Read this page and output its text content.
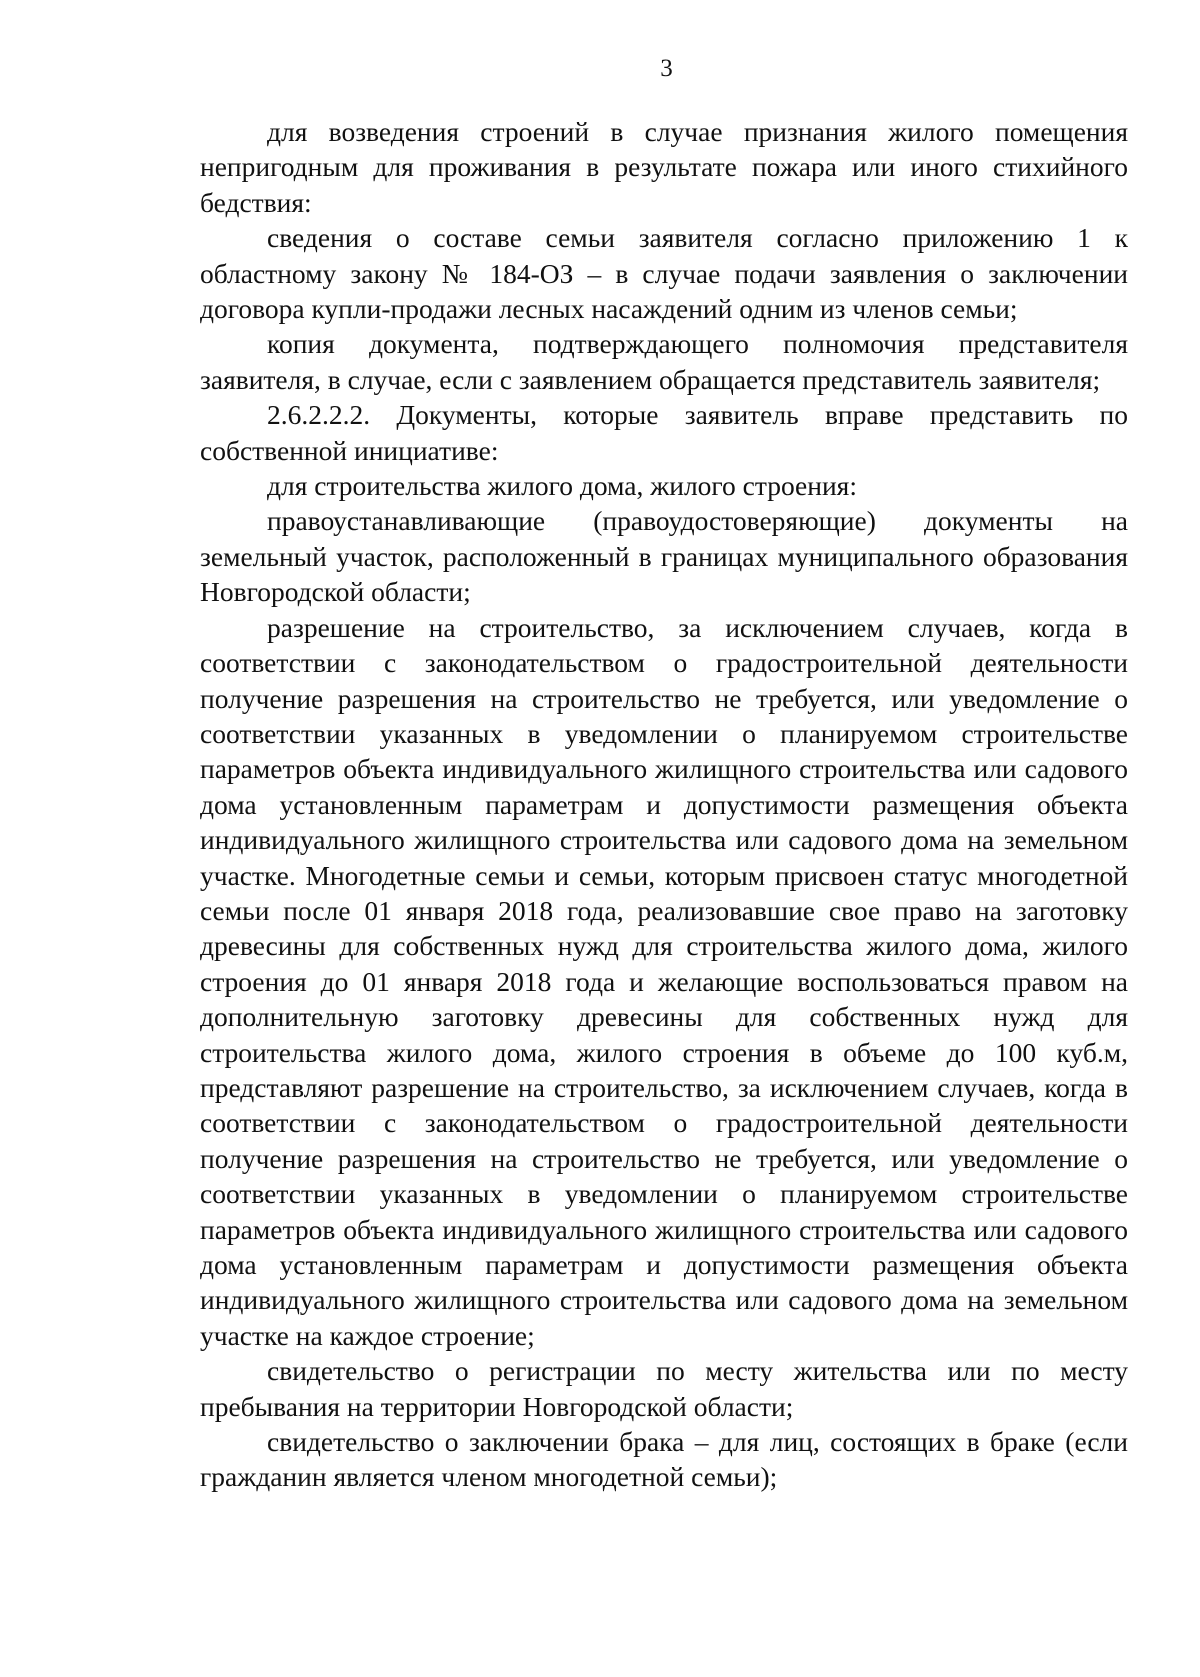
3

для возведения строений в случае признания жилого помещения непригодным для проживания в результате пожара или иного стихийного бедствия:

сведения о составе семьи заявителя согласно приложению 1 к областному закону № 184-ОЗ – в случае подачи заявления о заключении договора купли-продажи лесных насаждений одним из членов семьи;

копия документа, подтверждающего полномочия представителя заявителя, в случае, если с заявлением обращается представитель заявителя;

2.6.2.2.2. Документы, которые заявитель вправе представить по собственной инициативе:

для строительства жилого дома, жилого строения:

правоустанавливающие (правоудостоверяющие) документы на земельный участок, расположенный в границах муниципального образования Новгородской области;

разрешение на строительство, за исключением случаев, когда в соответствии с законодательством о градостроительной деятельности получение разрешения на строительство не требуется, или уведомление о соответствии указанных в уведомлении о планируемом строительстве параметров объекта индивидуального жилищного строительства или садового дома установленным параметрам и допустимости размещения объекта индивидуального жилищного строительства или садового дома на земельном участке. Многодетные семьи и семьи, которым присвоен статус многодетной семьи после 01 января 2018 года, реализовавшие свое право на заготовку древесины для собственных нужд для строительства жилого дома, жилого строения до 01 января 2018 года и желающие воспользоваться правом на дополнительную заготовку древесины для собственных нужд для строительства жилого дома, жилого строения в объеме до 100 куб.м, представляют разрешение на строительство, за исключением случаев, когда в соответствии с законодательством о градостроительной деятельности получение разрешения на строительство не требуется, или уведомление о соответствии указанных в уведомлении о планируемом строительстве параметров объекта индивидуального жилищного строительства или садового дома установленным параметрам и допустимости размещения объекта индивидуального жилищного строительства или садового дома на земельном участке на каждое строение;

свидетельство о регистрации по месту жительства или по месту пребывания на территории Новгородской области;

свидетельство о заключении брака – для лиц, состоящих в браке (если гражданин является членом многодетной семьи);
